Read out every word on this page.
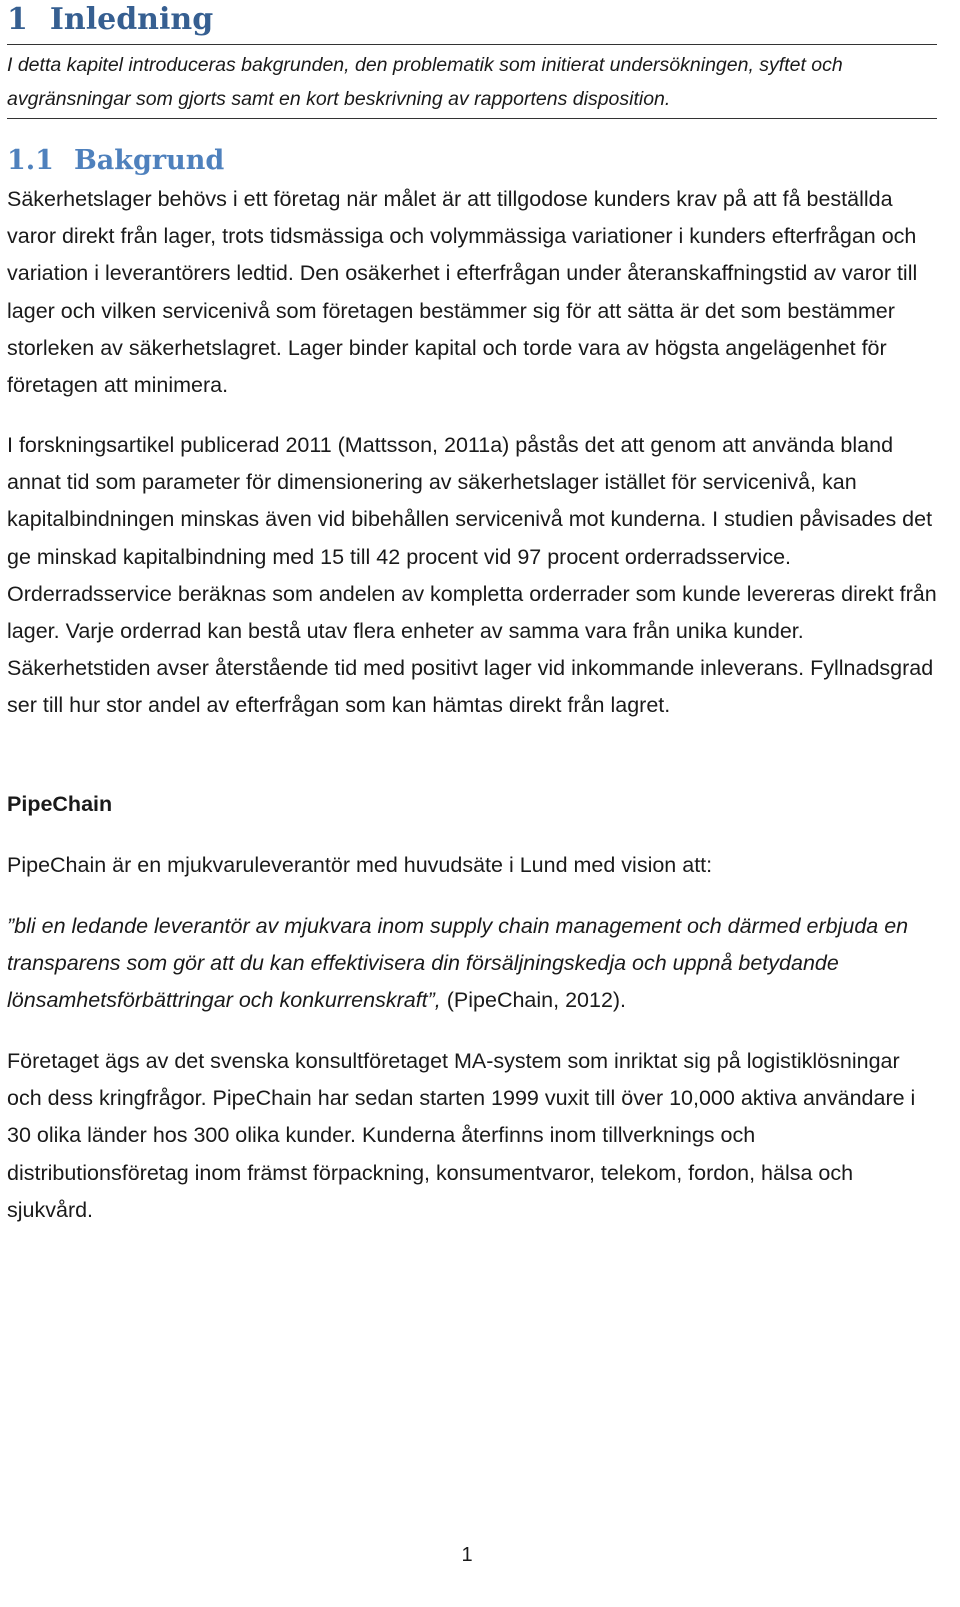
1 Inledning
I detta kapitel introduceras bakgrunden, den problematik som initierat undersökningen, syftet och avgränsningar som gjorts samt en kort beskrivning av rapportens disposition.
1.1 Bakgrund

Säkerhetslager behövs i ett företag när målet är att tillgodose kunders krav på att få beställda varor direkt från lager, trots tidsmässiga och volymmässiga variationer i kunders efterfrågan och variation i leverantörers ledtid. Den osäkerhet i efterfrågan under återanskaffningstid av varor till lager och vilken servicenivå som företagen bestämmer sig för att sätta är det som bestämmer storleken av säkerhetslagret. Lager binder kapital och torde vara av högsta angelägenhet för företagen att minimera.

I forskningsartikel publicerad 2011 (Mattsson, 2011a) påstås det att genom att använda bland annat tid som parameter för dimensionering av säkerhetslager istället för servicenivå, kan kapitalbindningen minskas även vid bibehållen servicenivå mot kunderna. I studien påvisades det ge minskad kapitalbindning med 15 till 42 procent vid 97 procent orderradsservice. Orderradsservice beräknas som andelen av kompletta orderrader som kunde levereras direkt från lager. Varje orderrad kan bestå utav flera enheter av samma vara från unika kunder. Säkerhetstiden avser återstående tid med positivt lager vid inkommande inleverans. Fyllnadsgrad ser till hur stor andel av efterfrågan som kan hämtas direkt från lagret.

PipeChain

PipeChain är en mjukvaruleverantör med huvudsäte i Lund med vision att:

”bli en ledande leverantör av mjukvara inom supply chain management och därmed erbjuda en transparens som gör att du kan effektivisera din försäljningskedja och uppnå betydande lönsamhetsförbättringar och konkurrenskraft”, (PipeChain, 2012).

Företaget ägs av det svenska konsultföretaget MA-system som inriktat sig på logistiklösningar och dess kringfrågor. PipeChain har sedan starten 1999 vuxit till över 10,000 aktiva användare i 30 olika länder hos 300 olika kunder. Kunderna återfinns inom tillverknings och distributionsföretag inom främst förpackning, konsumentvaror, telekom, fordon, hälsa och sjukvård.

1
